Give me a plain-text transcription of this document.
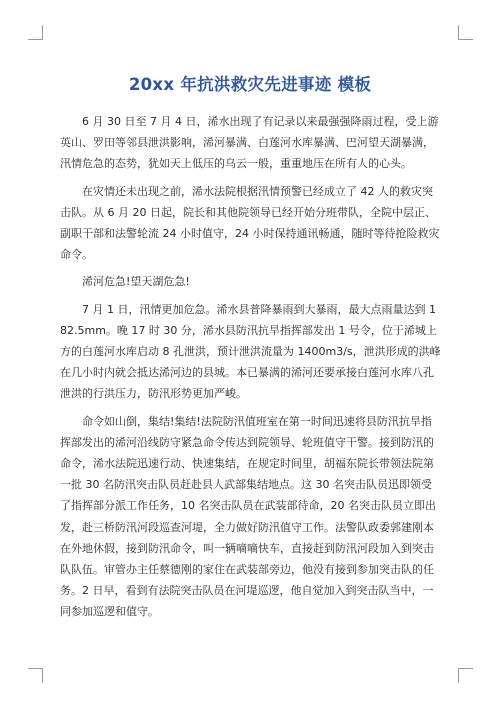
20xx 年抗洪救灾先进事迹 模板

6 月 30 日至 7 月 4 日，浠水出现了有记录以来最强强降雨过程，受上游英山、罗田等邻县泄洪影响，浠河暴满、白莲河水库暴满、巴河望天湖暴满，汛情危急的态势，犹如天上低压的乌云一般，重重地压在所有人的心头。

在灾情还未出现之前，浠水法院根据汛情预警已经成立了 42 人的救灾突击队。从 6 月 20 日起，院长和其他院领导已经开始分班带队，全院中层正、副职干部和法警轮流 24 小时值守，24 小时保持通讯畅通，随时等待抢险救灾命令。

浠河危急!望天湖危急!

7 月 1 日，汛情更加危急。浠水县普降暴雨到大暴雨，最大点雨量达到 182.5mm。晚 17 时 30 分，浠水县防汛抗旱指挥部发出 1 号令，位于浠城上方的白莲河水库启动 8 孔泄洪，预计泄洪流量为 1400m3/s，泄洪形成的洪峰在几小时内就会抵达浠河边的县城。本已暴满的浠河还要承接白莲河水库八孔泄洪的行洪压力，防汛形势更加严峻。

命令如山倒，集结!集结!法院防汛值班室在第一时间迅速将县防汛抗旱指挥部发出的浠河沿线防守紧急命令传达到院领导、轮班值守干警。接到防汛的命令，浠水法院迅速行动、快速集结，在规定时间里，胡福东院长带领法院第一批 30 名防汛突击队员赶赴县人武部集结地点。这 30 名突击队员迅即领受了指挥部分派工作任务，10 名突击队员在武装部待命，20 名突击队员立即出发，赴三桥防汛河段巡查河堤，全力做好防汛值守工作。法警队政委郭建刚本在外地休假，接到防汛命令，叫一辆嘀嘀快车，直接赶到防汛河段加入到突击队队伍。审管办主任蔡德刚的家住在武装部旁边，他没有接到参加突击队的任务。2 日早，看到有法院突击队员在河堤巡逻，他自觉加入到突击队当中，一同参加巡逻和值守。
